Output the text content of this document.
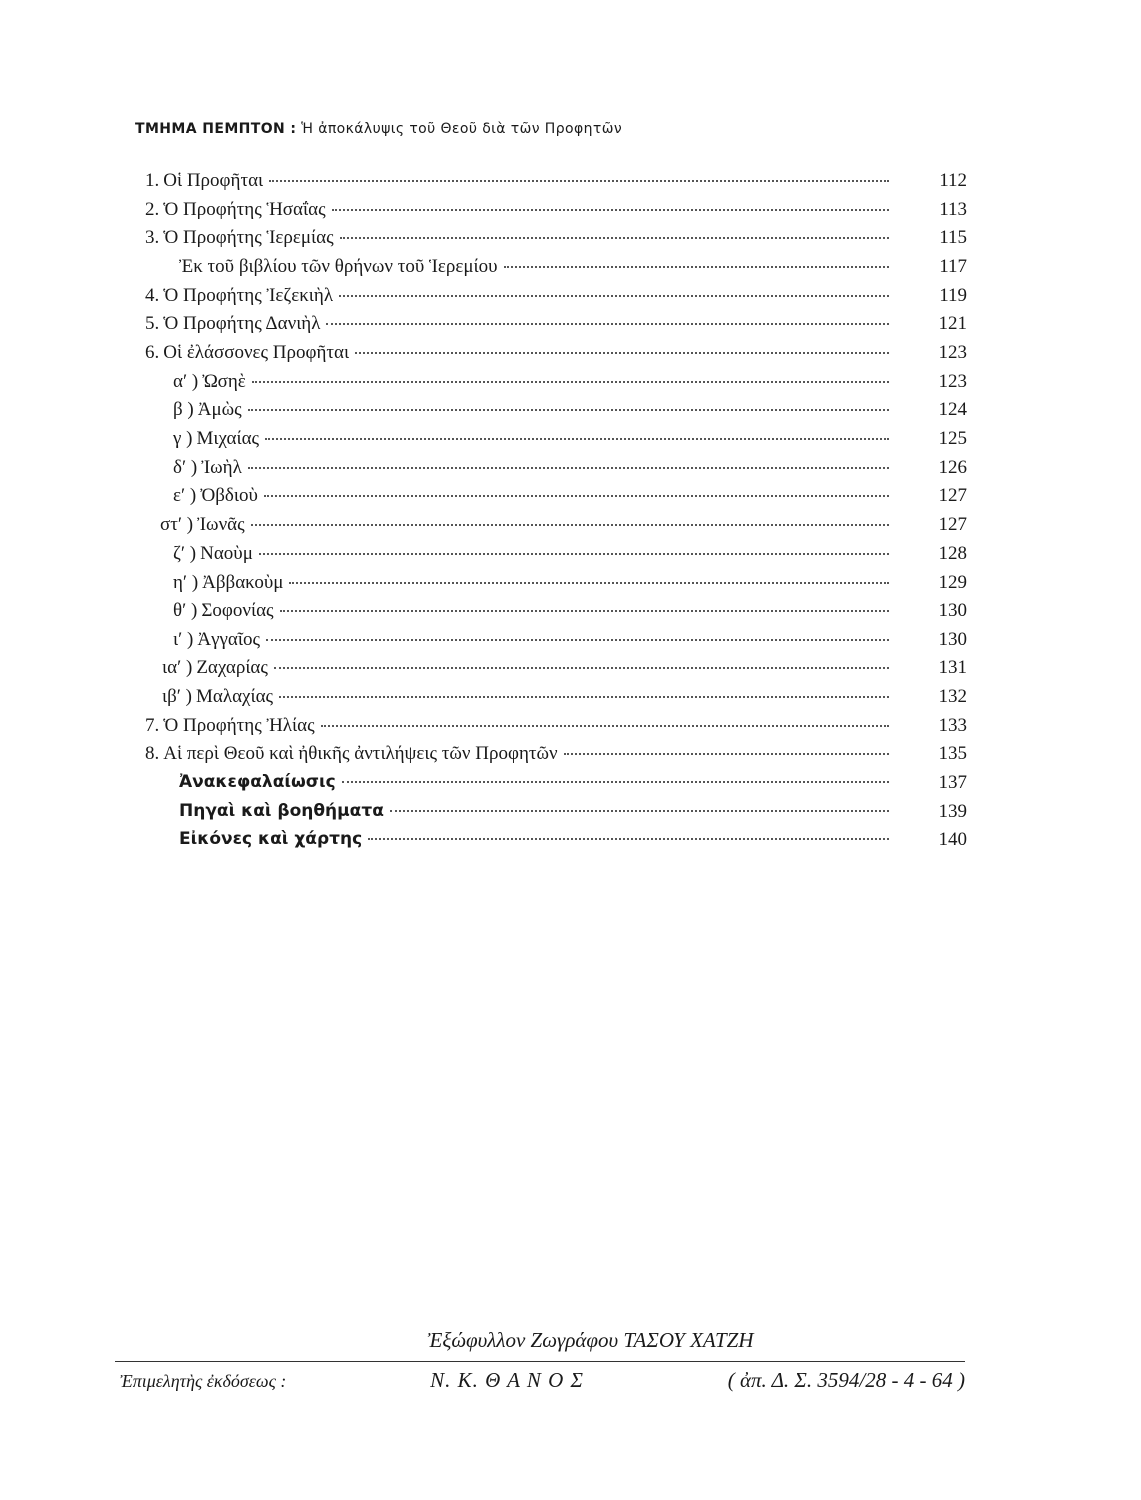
ΤΜΗΜΑ ΠΕΜΠΤΟΝ : Ἡ ἀποκάλυψις τοῦ Θεοῦ διὰ τῶν Προφητῶν
1. Οἱ Προφῆται	112
2. Ὁ Προφήτης Ἡσαΐας	113
3. Ὁ Προφήτης Ἱερεμίας	115
Ἐκ τοῦ βιβλίου τῶν θρήνων τοῦ Ἱερεμίου	117
4. Ὁ Προφήτης Ἰεζεκιὴλ	119
5. Ὁ Προφήτης Δανιὴλ	121
6. Οἱ ἐλάσσονες Προφῆται	123
α′ ) Ὠσηὲ	123
β ) Ἀμὼς	124
γ ) Μιχαίας	125
δ′ ) Ἰωὴλ	126
ε′ ) Ὀβδιοὺ	127
στ′ ) Ἰωνᾶς	127
ζ′ ) Ναοὺμ	128
η′ ) Ἀββακοὺμ	129
θ′ ) Σοφονίας	130
ι′ ) Ἀγγαῖος	130
ια′ ) Ζαχαρίας	131
ιβ′ ) Μαλαχίας	132
7. Ὁ Προφήτης Ἠλίας	133
8. Αἱ περὶ Θεοῦ καὶ ἠθικῆς ἀντιλήψεις τῶν Προφητῶν	135
Ἀνακεφαλαίωσις	137
Πηγαὶ καὶ βοηθήματα	139
Εἰκόνες καὶ χάρτης	140
Ἐξώφυλλον Ζωγράφου ΤΑΣΟΥ ΧΑΤΖΗ
Ἐπιμελητὴς ἐκδόσεως :	Ν. Κ. Θ Α Ν Ο Σ	( ἀπ. Δ. Σ. 3594/28 - 4 - 64 )
